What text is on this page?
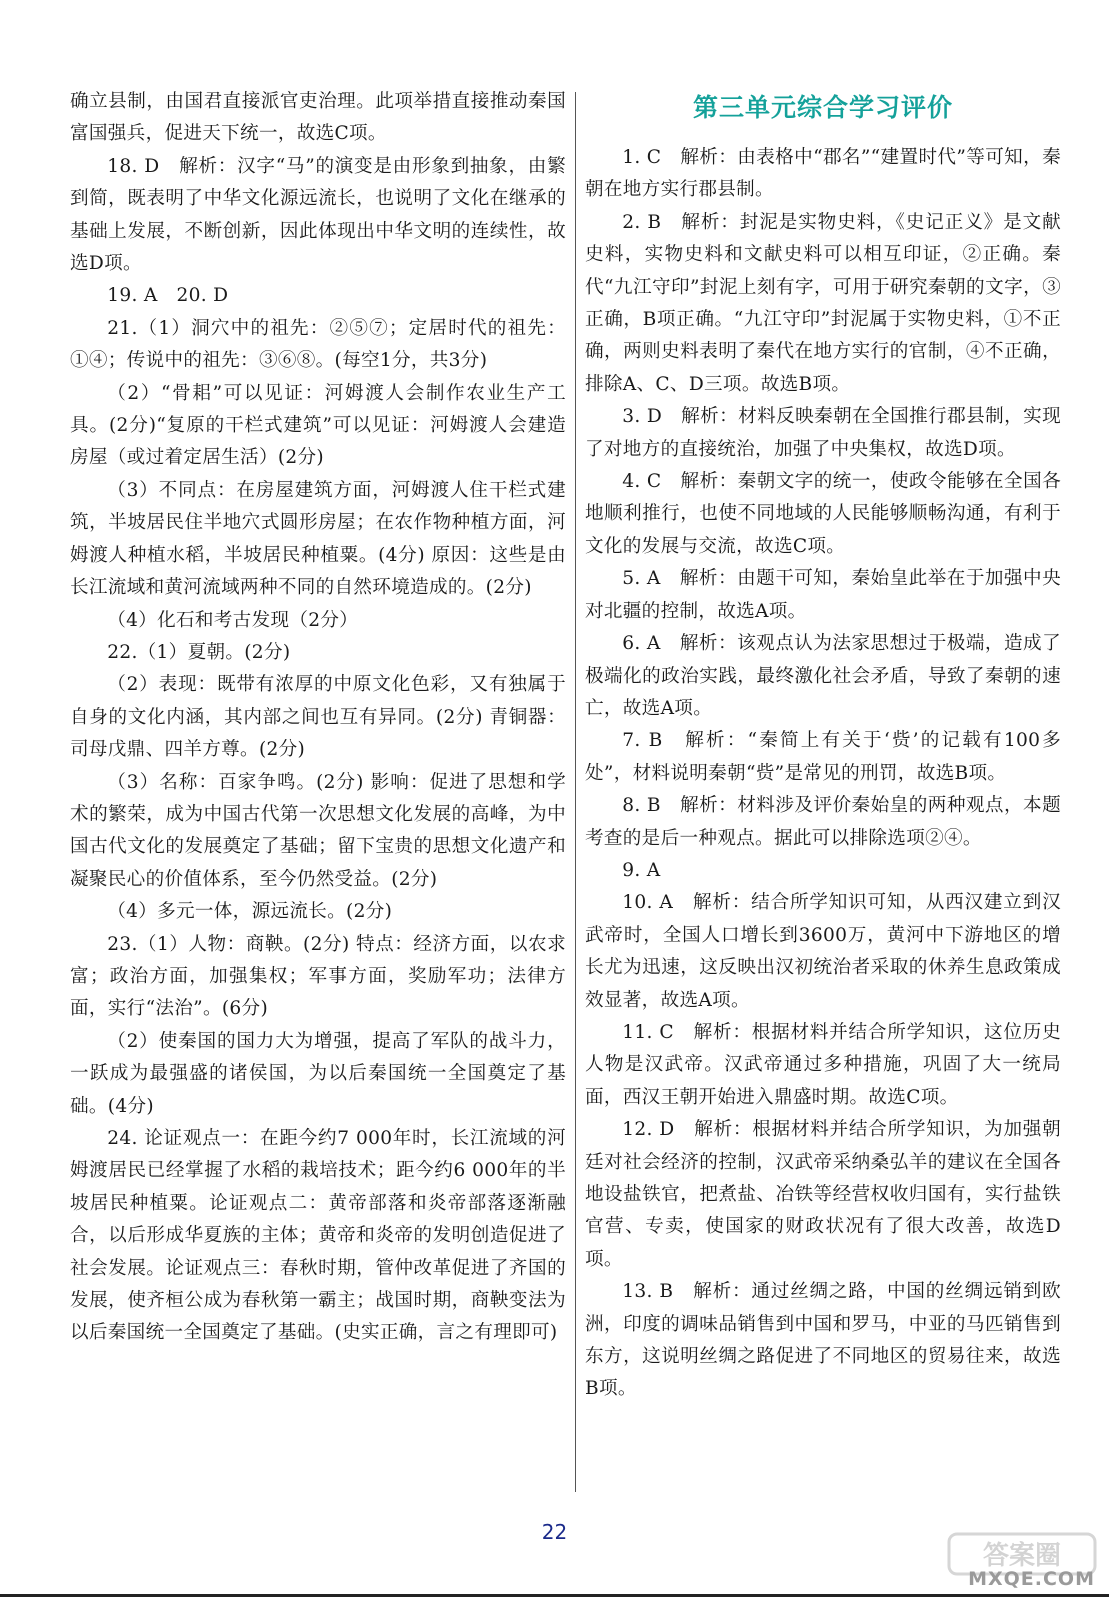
确立县制，由国君直接派官吏治理。此项举措直接推动秦国富国强兵，促进天下统一，故选C项。

18. D　解析：汉字“马”的演变是由形象到抽象，由繁到简，既表明了中华文化源远流长，也说明了文化在继承的基础上发展，不断创新，因此体现出中华文明的连续性，故选D项。

19. A　20. D

21.（1）洞穴中的祖先：②⑤⑦；定居时代的祖先：①④；传说中的祖先：③⑥⑧。(每空1分，共3分)

（2）“骨耜”可以见证：河姆渡人会制作农业生产工具。(2分)“复原的干栏式建筑”可以见证：河姆渡人会建造房屋（或过着定居生活）(2分)

（3）不同点：在房屋建筑方面，河姆渡人住干栏式建筑，半坡居民住半地穴式圆形房屋；在农作物种植方面，河姆渡人种植水稻，半坡居民种植粟。(4分) 原因：这些是由长江流域和黄河流域两种不同的自然环境造成的。(2分)

（4）化石和考古发现（2分）

22.（1）夏朝。(2分)

（2）表现：既带有浓厚的中原文化色彩，又有独属于自身的文化内涵，其内部之间也互有异同。(2分) 青铜器：司母戊鼎、四羊方尊。(2分)

（3）名称：百家争鸣。(2分) 影响：促进了思想和学术的繁荣，成为中国古代第一次思想文化发展的高峰，为中国古代文化的发展奠定了基础；留下宝贵的思想文化遗产和凝聚民心的价值体系，至今仍然受益。(2分)

（4）多元一体，源远流长。(2分)

23.（1）人物：商鞅。(2分) 特点：经济方面，以农求富；政治方面，加强集权；军事方面，奖励军功；法律方面，实行“法治”。(6分)

（2）使秦国的国力大为增强，提高了军队的战斗力，一跃成为最强盛的诸侯国，为以后秦国统一全国奠定了基础。(4分)

24. 论证观点一：在距今约7 000年时，长江流域的河姆渡居民已经掌握了水稻的栽培技术；距今约6 000年的半坡居民种植粟。论证观点二：黄帝部落和炎帝部落逐渐融合，以后形成华夏族的主体；黄帝和炎帝的发明创造促进了社会发展。论证观点三：春秋时期，管仲改革促进了齐国的发展，使齐桓公成为春秋第一霸主；战国时期，商鞅变法为以后秦国统一全国奠定了基础。(史实正确，言之有理即可)

第三单元综合学习评价

1. C　解析：由表格中“郡名”“建置时代”等可知，秦朝在地方实行郡县制。

2. B　解析：封泥是实物史料，《史记正义》是文献史料，实物史料和文献史料可以相互印证，②正确。秦代“九江守印”封泥上刻有字，可用于研究秦朝的文字，③正确，B项正确。“九江守印”封泥属于实物史料，①不正确，两则史料表明了秦代在地方实行的官制，④不正确，排除A、C、D三项。故选B项。

3. D　解析：材料反映秦朝在全国推行郡县制，实现了对地方的直接统治，加强了中央集权，故选D项。

4. C　解析：秦朝文字的统一，使政令能够在全国各地顺利推行，也使不同地域的人民能够顺畅沟通，有利于文化的发展与交流，故选C项。

5. A　解析：由题干可知，秦始皇此举在于加强中央对北疆的控制，故选A项。

6. A　解析：该观点认为法家思想过于极端，造成了极端化的政治实践，最终激化社会矛盾，导致了秦朝的速亡，故选A项。

7. B　解析：“秦简上有关于‘赀’的记载有100多处”，材料说明秦朝“赀”是常见的刑罚，故选B项。

8. B　解析：材料涉及评价秦始皇的两种观点，本题考查的是后一种观点。据此可以排除选项②④。

9. A

10. A　解析：结合所学知识可知，从西汉建立到汉武帝时，全国人口增长到3600万，黄河中下游地区的增长尤为迅速，这反映出汉初统治者采取的休养生息政策成效显著，故选A项。

11. C　解析：根据材料并结合所学知识，这位历史人物是汉武帝。汉武帝通过多种措施，巩固了大一统局面，西汉王朝开始进入鼎盛时期。故选C项。

12. D　解析：根据材料并结合所学知识，为加强朝廷对社会经济的控制，汉武帝采纳桑弘羊的建议在全国各地设盐铁官，把煮盐、冶铁等经营权收归国有，实行盐铁官营、专卖，使国家的财政状况有了很大改善，故选D项。

13. B　解析：通过丝绸之路，中国的丝绸远销到欧洲，印度的调味品销售到中国和罗马，中亚的马匹销售到东方，这说明丝绸之路促进了不同地区的贸易往来，故选B项。

22
答案圈
MXQE.COM
